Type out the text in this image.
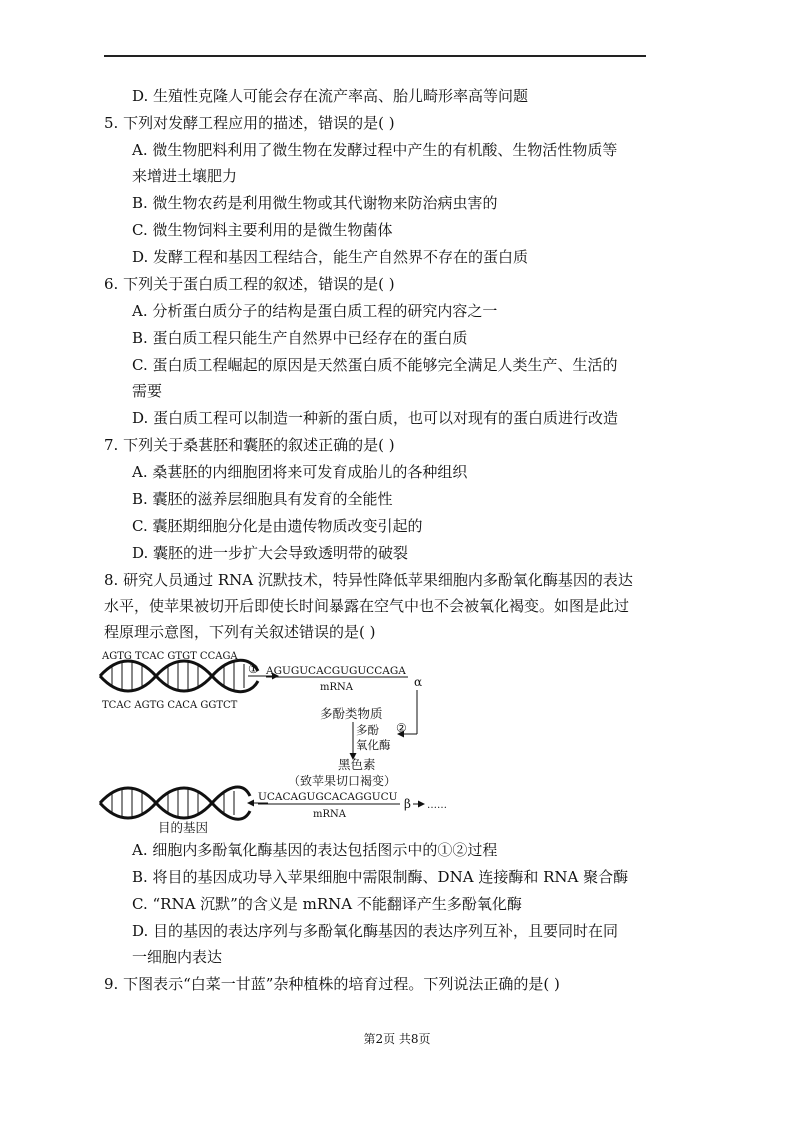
D. 生殖性克隆人可能会存在流产率高、胎儿畸形率高等问题
5. 下列对发酵工程应用的描述，错误的是( )
A. 微生物肥料利用了微生物在发酵过程中产生的有机酸、生物活性物质等
来增进土壤肥力
B. 微生物农药是利用微生物或其代谢物来防治病虫害的
C. 微生物饲料主要利用的是微生物菌体
D. 发酵工程和基因工程结合，能生产自然界不存在的蛋白质
6. 下列关于蛋白质工程的叙述，错误的是( )
A. 分析蛋白质分子的结构是蛋白质工程的研究内容之一
B. 蛋白质工程只能生产自然界中已经存在的蛋白质
C. 蛋白质工程崛起的原因是天然蛋白质不能够完全满足人类生产、生活的
需要
D. 蛋白质工程可以制造一种新的蛋白质，也可以对现有的蛋白质进行改造
7. 下列关于桑葚胚和囊胚的叙述正确的是( )
A. 桑葚胚的内细胞团将来可发育成胎儿的各种组织
B. 囊胚的滋养层细胞具有发育的全能性
C. 囊胚期细胞分化是由遗传物质改变引起的
D. 囊胚的进一步扩大会导致透明带的破裂
8. 研究人员通过 RNA 沉默技术，特异性降低苹果细胞内多酚氧化酶基因的表达
水平，使苹果被切开后即使长时间暴露在空气中也不会被氧化褐变。如图是此过
程原理示意图，下列有关叙述错误的是( )
AGTG TCAC GTGT CCAGA
TCAC AGTG CACA GGTCT
① AGUGUCACGUGUCCAGA
mRNA	α
②
多酚类物质
多酚
氧化酶
黑色素
（致苹果切口褐变）
UCACAGUGCACAGGUCU
mRNA
β ……
目的基因
A. 细胞内多酚氧化酶基因的表达包括图示中的①②过程
B. 将目的基因成功导入苹果细胞中需限制酶、DNA 连接酶和 RNA 聚合酶
C. “RNA 沉默”的含义是 mRNA 不能翻译产生多酚氧化酶
D. 目的基因的表达序列与多酚氧化酶基因的表达序列互补，且要同时在同
一细胞内表达
9. 下图表示“白菜一甘蓝”杂种植株的培育过程。下列说法正确的是( )
第2页 共8页
